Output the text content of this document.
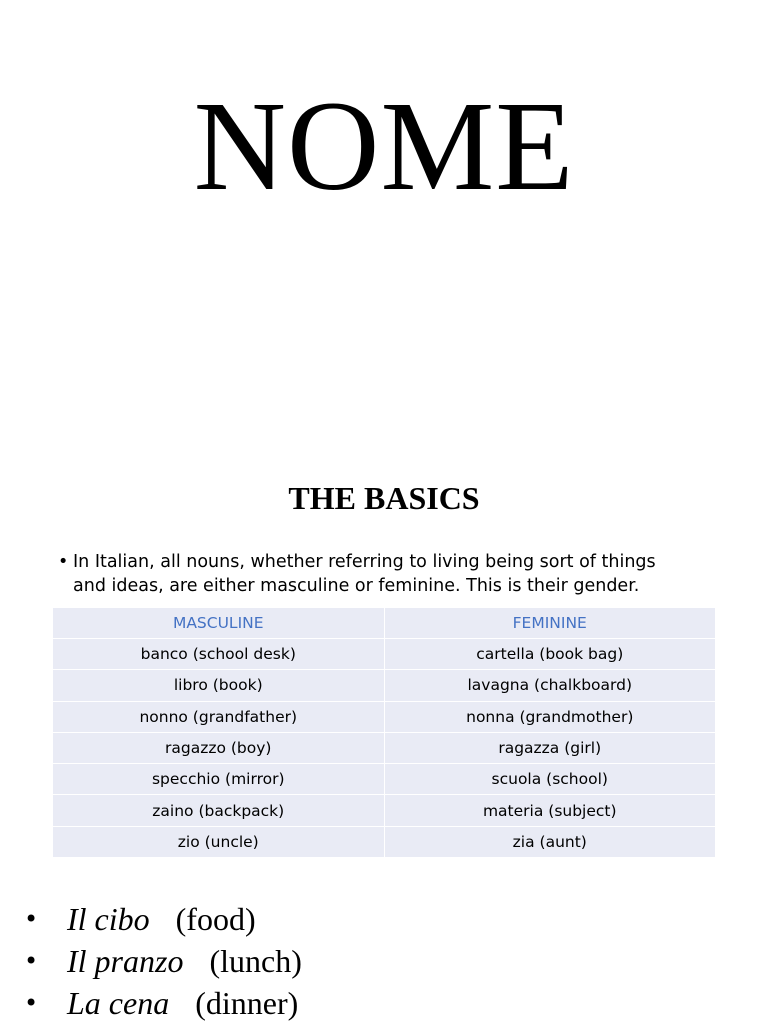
NOME
THE BASICS
• In Italian, all nouns, whether referring to living being sort of things
and ideas, are either masculine or feminine. This is their gender.
MASCULINE	FEMININE
banco (school desk)	cartella (book bag)
libro (book)	lavagna (chalkboard)
nonno (grandfather)	nonna (grandmother)
ragazzo (boy)	ragazza (girl)
specchio (mirror)	scuola (school)
zaino (backpack)	materia (subject)
zio (uncle)	zia (aunt)
• Il cibo (food)
• Il pranzo (lunch)
• La cena (dinner)
